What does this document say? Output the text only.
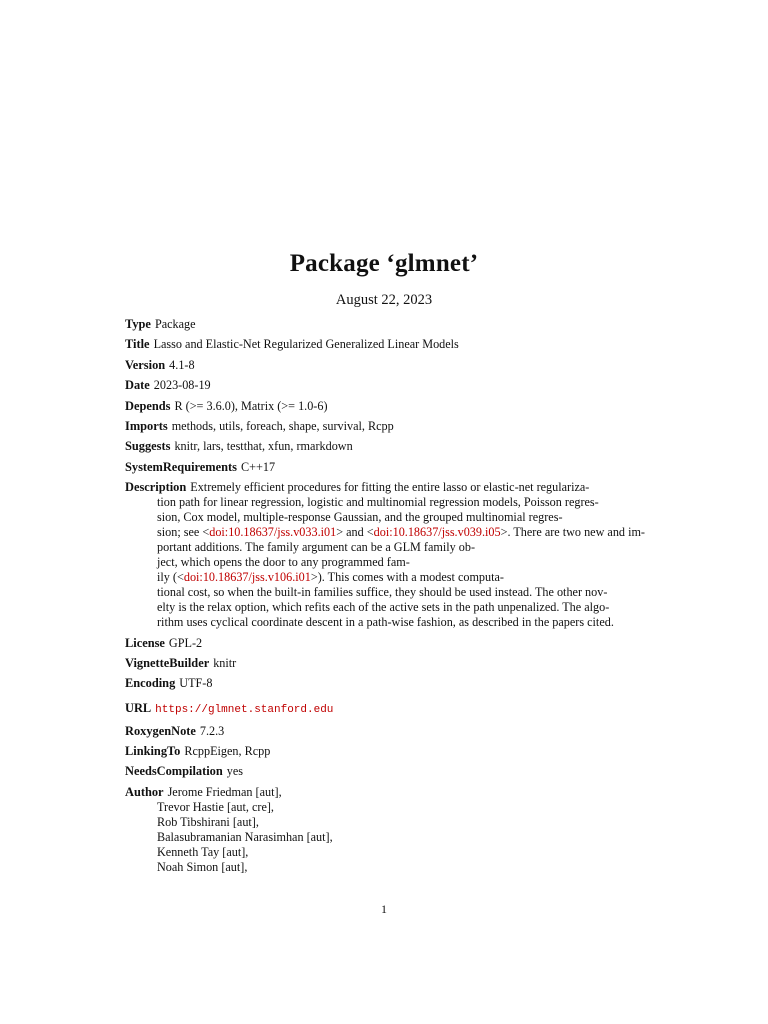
Package ‘glmnet’
August 22, 2023
Type Package
Title Lasso and Elastic-Net Regularized Generalized Linear Models
Version 4.1-8
Date 2023-08-19
Depends R (>= 3.6.0), Matrix (>= 1.0-6)
Imports methods, utils, foreach, shape, survival, Rcpp
Suggests knitr, lars, testthat, xfun, rmarkdown
SystemRequirements C++17
Description Extremely efficient procedures for fitting the entire lasso or elastic-net regulariza-
tion path for linear regression, logistic and multinomial regression models, Poisson regres-
sion, Cox model, multiple-response Gaussian, and the grouped multinomial regres-
sion; see <doi:10.18637/jss.v033.i01> and <doi:10.18637/jss.v039.i05>. There are two new and im-
portant additions. The family argument can be a GLM family ob-
ject, which opens the door to any programmed fam-
ily (<doi:10.18637/jss.v106.i01>). This comes with a modest computa-
tional cost, so when the built-in families suffice, they should be used instead. The other nov-
elty is the relax option, which refits each of the active sets in the path unpenalized. The algo-
rithm uses cyclical coordinate descent in a path-wise fashion, as described in the papers cited.
License GPL-2
VignetteBuilder knitr
Encoding UTF-8
URL https://glmnet.stanford.edu
RoxygenNote 7.2.3
LinkingTo RcppEigen, Rcpp
NeedsCompilation yes
Author Jerome Friedman [aut],
Trevor Hastie [aut, cre],
Rob Tibshirani [aut],
Balasubramanian Narasimhan [aut],
Kenneth Tay [aut],
Noah Simon [aut],
1
